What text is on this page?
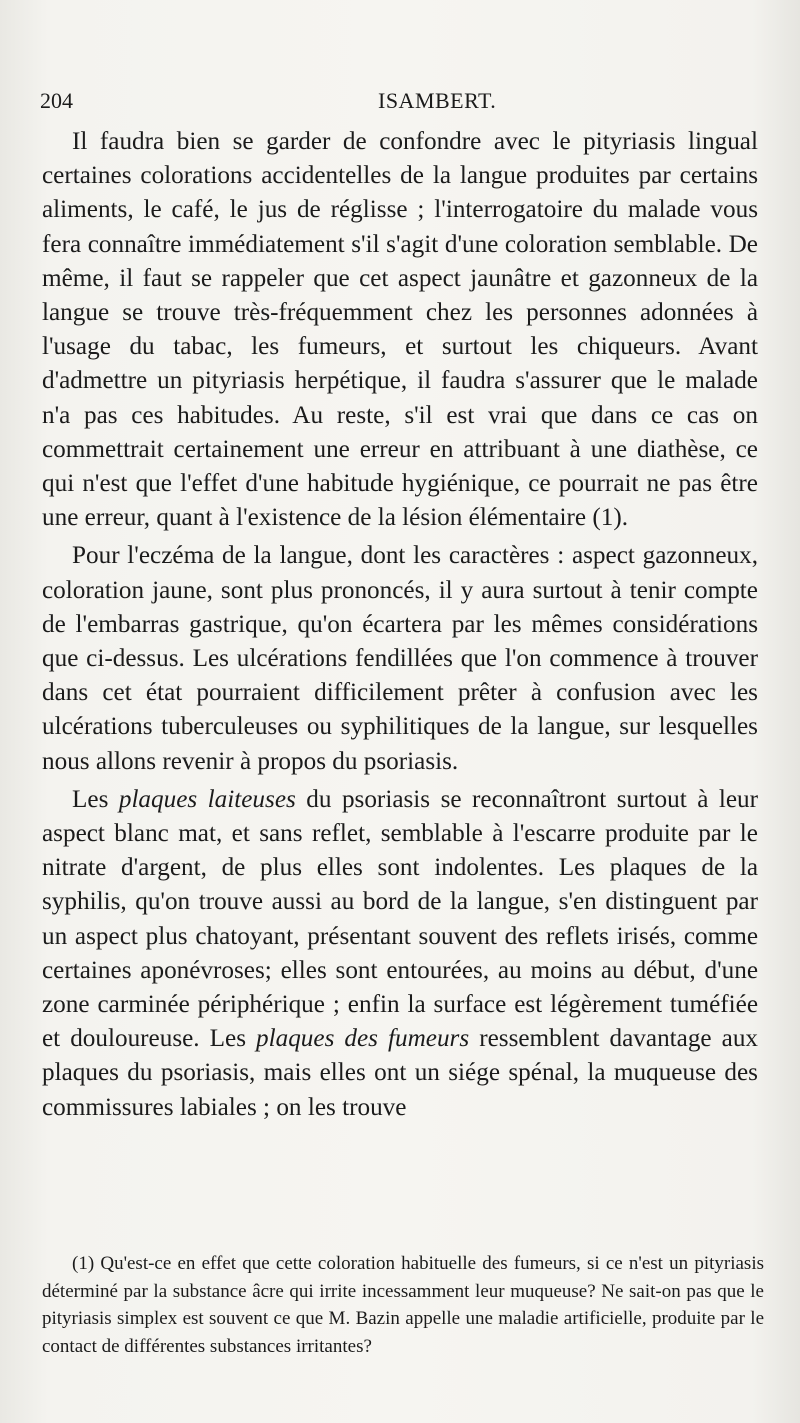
204	ISAMBERT.

Il faudra bien se garder de confondre avec le pityriasis lingual certaines colorations accidentelles de la langue produites par certains aliments, le café, le jus de réglisse ; l'interrogatoire du malade vous fera connaître immédiatement s'il s'agit d'une coloration semblable. De même, il faut se rappeler que cet aspect jaunâtre et gazonneux de la langue se trouve très-fréquemment chez les personnes adonnées à l'usage du tabac, les fumeurs, et surtout les chiqueurs. Avant d'admettre un pityriasis herpétique, il faudra s'assurer que le malade n'a pas ces habitudes. Au reste, s'il est vrai que dans ce cas on commettrait certainement une erreur en attribuant à une diathèse, ce qui n'est que l'effet d'une habitude hygiénique, ce pourrait ne pas être une erreur, quant à l'existence de la lésion élémentaire (1).

Pour l'eczéma de la langue, dont les caractères : aspect gazonneux, coloration jaune, sont plus prononcés, il y aura surtout à tenir compte de l'embarras gastrique, qu'on écartera par les mêmes considérations que ci-dessus. Les ulcérations fendillées que l'on commence à trouver dans cet état pourraient difficilement prêter à confusion avec les ulcérations tuberculeuses ou syphilitiques de la langue, sur lesquelles nous allons revenir à propos du psoriasis.

Les plaques laiteuses du psoriasis se reconnaîtront surtout à leur aspect blanc mat, et sans reflet, semblable à l'escarre produite par le nitrate d'argent, de plus elles sont indolentes. Les plaques de la syphilis, qu'on trouve aussi au bord de la langue, s'en distinguent par un aspect plus chatoyant, présentant souvent des reflets irisés, comme certaines aponévroses; elles sont entourées, au moins au début, d'une zone carminée périphérique ; enfin la surface est légèrement tuméfiée et douloureuse. Les plaques des fumeurs ressemblent davantage aux plaques du psoriasis, mais elles ont un siége spénal, la muqueuse des commissures labiales ; on les trouve

(1) Qu'est-ce en effet que cette coloration habituelle des fumeurs, si ce n'est un pityriasis déterminé par la substance âcre qui irrite incessamment leur muqueuse? Ne sait-on pas que le pityriasis simplex est souvent ce que M. Bazin appelle une maladie artificielle, produite par le contact de différentes substances irritantes?
